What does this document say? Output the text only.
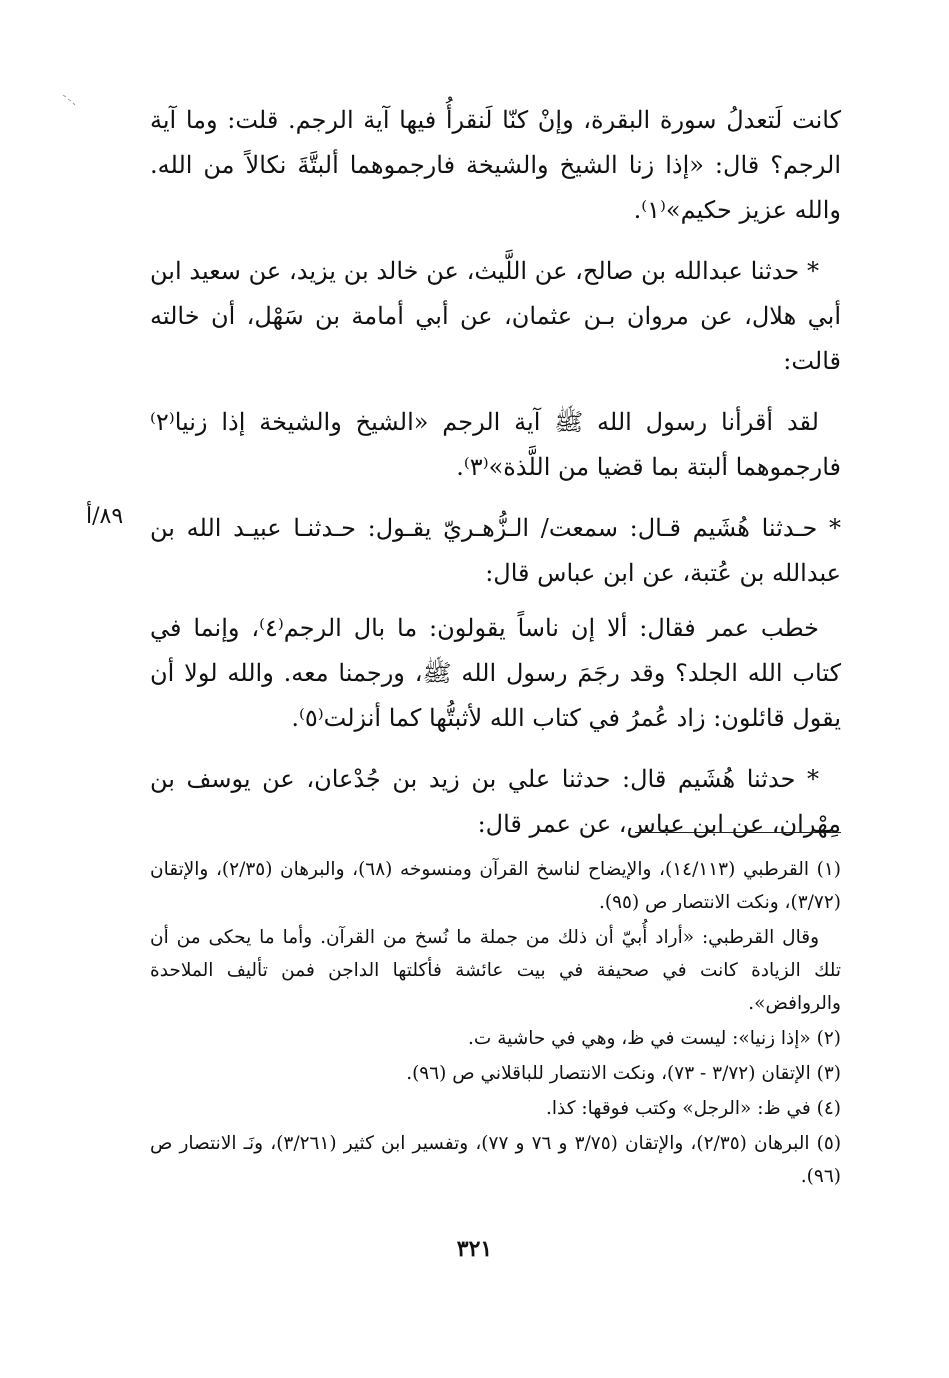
كانت لَتعدلُ سورة البقرة، وإنْ كنّا لَنقرأُ فيها آية الرجم. قلت: وما آية الرجم؟ قال: «إذا زنا الشيخ والشيخة فارجموهما ألبتَّةَ نكالاً من الله. والله عزيز حكيم»⁽١⁾.

* حدثنا عبدالله بن صالح، عن اللَّيث، عن خالد بن يزيد، عن سعيد ابن أبي هلال، عن مروان بـن عثمان، عن أبي أمامة بن سَهْل، أن خالته قالت:

لقد أقرأنا رسول الله ﷺ آية الرجم «الشيخ والشيخة إذا زنيا⁽٢⁾ فارجموهما ألبتة بما قضيا من اللَّذة»⁽٣⁾.

* حـدثنا هُشَيم قـال: سمعت/ الـزُّهـريّ يقـول: حـدثنـا عبيـد الله بن عبدالله بن عُتبة، عن ابن عباس قال:

خطب عمر فقال: ألا إن ناساً يقولون: ما بال الرجم⁽٤⁾، وإنما في كتاب الله الجلد؟ وقد رجَمَ رسول الله ﷺ، ورجمنا معه. والله لولا أن يقول قائلون: زاد عُمرُ في كتاب الله لأثبتُّها كما أنزلت⁽٥⁾.

* حدثنا هُشَيم قال: حدثنا علي بن زيد بن جُدْعان، عن يوسف بن مِهْران، عن ابن عباس، عن عمر قال:

٨٩/أ

(١) القرطبي (١٤/١١٣)، والإيضاح لناسخ القرآن ومنسوخه (٦٨)، والبرهان (٢/٣٥)، والإتقان (٣/٧٢)، ونكت الانتصار ص (٩٥).

وقال القرطبي: «أراد أُبيّ أن ذلك من جملة ما نُسخ من القرآن. وأما ما يحكى من أن تلك الزيادة كانت في صحيفة في بيت عائشة فأكلتها الداجن فمن تأليف الملاحدة والروافض».

(٢) «إذا زنيا»: ليست في ظ، وهي في حاشية ت.

(٣) الإتقان (٣/٧٢ - ٧٣)، ونكت الانتصار للباقلاني ص (٩٦).

(٤) في ظ: «الرجل» وكتب فوقها: كذا.

(٥) البرهان (٢/٣٥)، والإتقان (٣/٧٥ و ٧٦ و ٧٧)، وتفسير ابن كثير (٣/٢٦١)، ونَـ الانتصار ص (٩٦).

٣٢١
